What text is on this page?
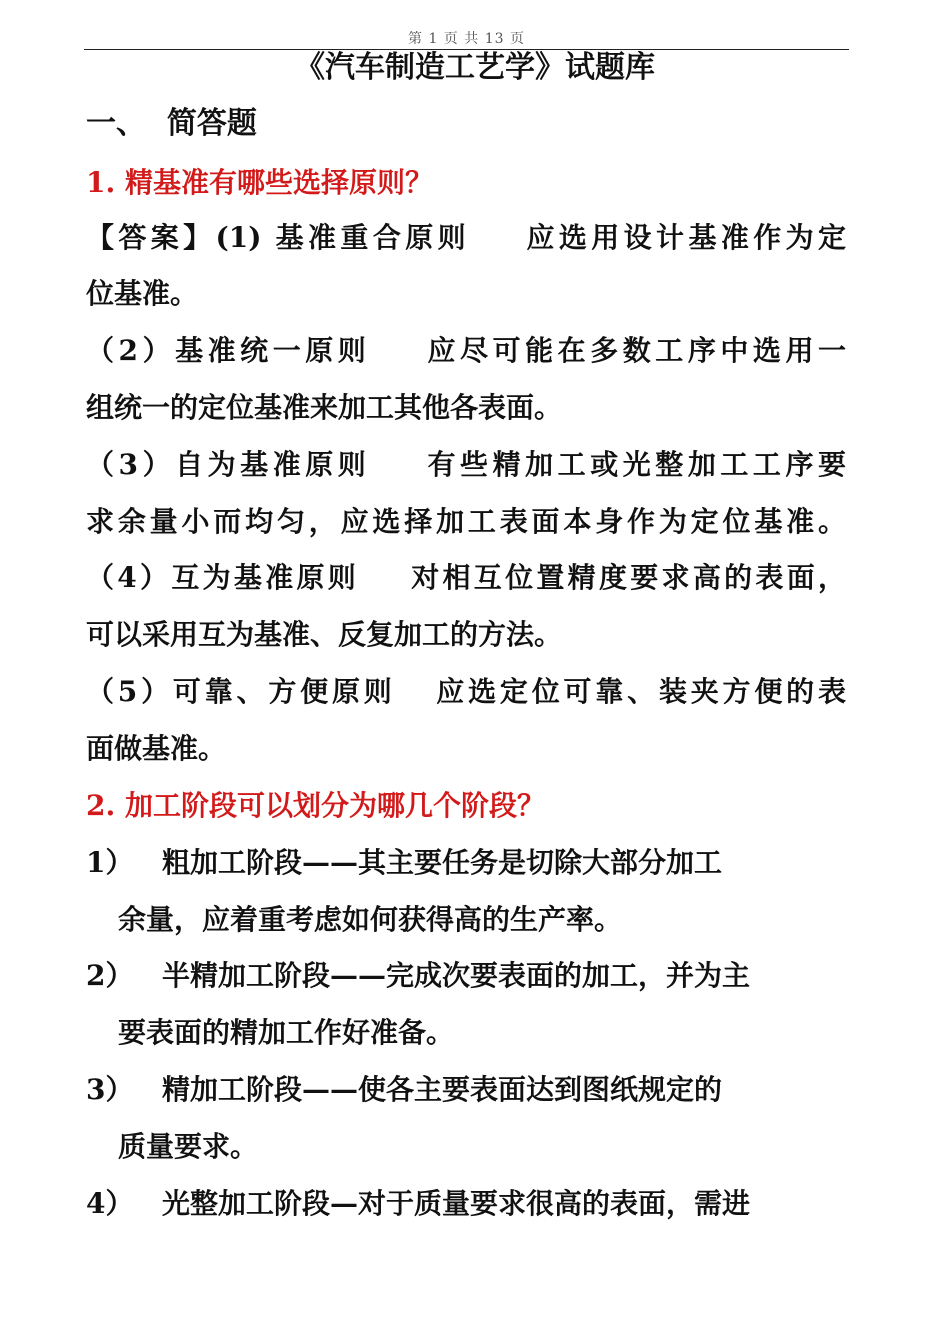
第 1 页 共 13 页
《汽车制造工艺学》试题库
一、  简答题
1. 精基准有哪些选择原则？
【答案】(1) 基准重合原则    应选用设计基准作为定
位基准。
（2）基准统一原则    应尽可能在多数工序中选用一
组统一的定位基准来加工其他各表面。
（3）自为基准原则    有些精加工或光整加工工序要
求余量小而均匀，应选择加工表面本身作为定位基准。
（4）互为基准原则    对相互位置精度要求高的表面，
可以采用互为基准、反复加工的方法。
（5）可靠、方便原则   应选定位可靠、装夹方便的表
面做基准。
2. 加工阶段可以划分为哪几个阶段？
1） 粗加工阶段——其主要任务是切除大部分加工
余量，应着重考虑如何获得高的生产率。
2） 半精加工阶段——完成次要表面的加工，并为主
要表面的精加工作好准备。
3） 精加工阶段——使各主要表面达到图纸规定的
质量要求。
4） 光整加工阶段—对于质量要求很高的表面，需进
